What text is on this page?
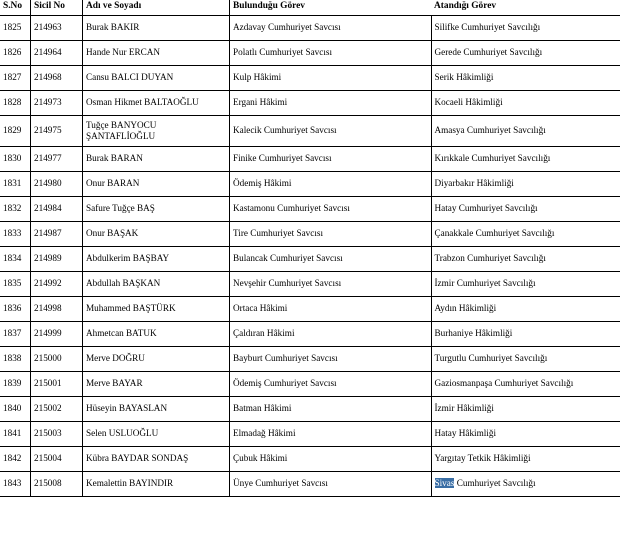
S.No	Sicil No	Adı ve Soyadı	Bulunduğu Görev	Atandığı Görev
1825	214963	Burak BAKIR	Azdavay Cumhuriyet Savcısı	Silifke Cumhuriyet Savcılığı
1826	214964	Hande Nur ERCAN	Polatlı Cumhuriyet Savcısı	Gerede Cumhuriyet Savcılığı
1827	214968	Cansu BALCI DUYAN	Kulp Hâkimi	Serik Hâkimliği
1828	214973	Osman Hikmet BALTAOĞLU	Ergani Hâkimi	Kocaeli Hâkimliği
1829	214975	Tuğçe BANYOCU ŞANTAFLİOĞLU	Kalecik Cumhuriyet Savcısı	Amasya Cumhuriyet Savcılığı
1830	214977	Burak BARAN	Finike Cumhuriyet Savcısı	Kırıkkale Cumhuriyet Savcılığı
1831	214980	Onur BARAN	Ödemiş Hâkimi	Diyarbakır Hâkimliği
1832	214984	Safure Tuğçe BAŞ	Kastamonu Cumhuriyet Savcısı	Hatay Cumhuriyet Savcılığı
1833	214987	Onur BAŞAK	Tire Cumhuriyet Savcısı	Çanakkale Cumhuriyet Savcılığı
1834	214989	Abdulkerim BAŞBAY	Bulancak Cumhuriyet Savcısı	Trabzon Cumhuriyet Savcılığı
1835	214992	Abdullah BAŞKAN	Nevşehir Cumhuriyet Savcısı	İzmir Cumhuriyet Savcılığı
1836	214998	Muhammed BAŞTÜRK	Ortaca Hâkimi	Aydın Hâkimliği
1837	214999	Ahmetcan BATUK	Çaldıran Hâkimi	Burhaniye Hâkimliği
1838	215000	Merve DOĞRU	Bayburt Cumhuriyet Savcısı	Turgutlu Cumhuriyet Savcılığı
1839	215001	Merve BAYAR	Ödemiş Cumhuriyet Savcısı	Gaziosmanpaşa Cumhuriyet Savcılığı
1840	215002	Hüseyin BAYASLAN	Batman Hâkimi	İzmir Hâkimliği
1841	215003	Selen USLUOĞLU	Elmadağ Hâkimi	Hatay Hâkimliği
1842	215004	Kübra BAYDAR SONDAŞ	Çubuk Hâkimi	Yargıtay Tetkik Hâkimliği
1843	215008	Kemalettin BAYINDIR	Ünye Cumhuriyet Savcısı	Sivas Cumhuriyet Savcılığı
